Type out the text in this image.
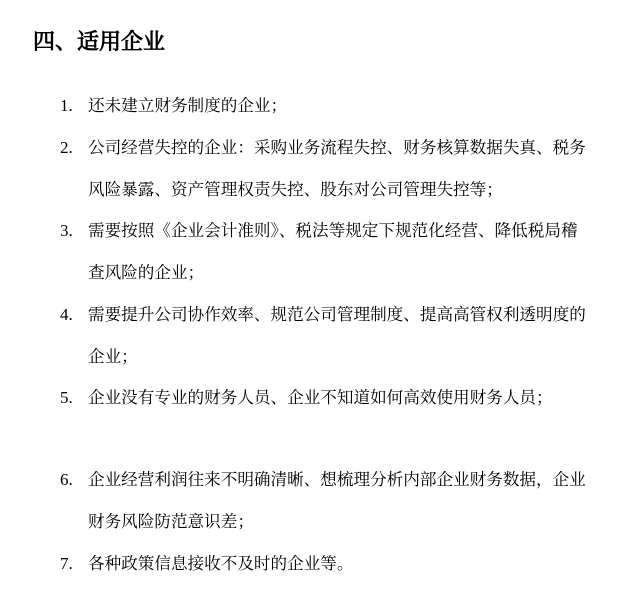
四、适用企业
1. 还未建立财务制度的企业；
2. 公司经营失控的企业：采购业务流程失控、财务核算数据失真、税务风险暴露、资产管理权责失控、股东对公司管理失控等；
3. 需要按照《企业会计准则》、税法等规定下规范化经营、降低税局稽查风险的企业；
4. 需要提升公司协作效率、规范公司管理制度、提高高管权利透明度的企业；
5. 企业没有专业的财务人员、企业不知道如何高效使用财务人员；
6. 企业经营利润往来不明确清晰、想梳理分析内部企业财务数据，企业财务风险防范意识差；
7. 各种政策信息接收不及时的企业等。
